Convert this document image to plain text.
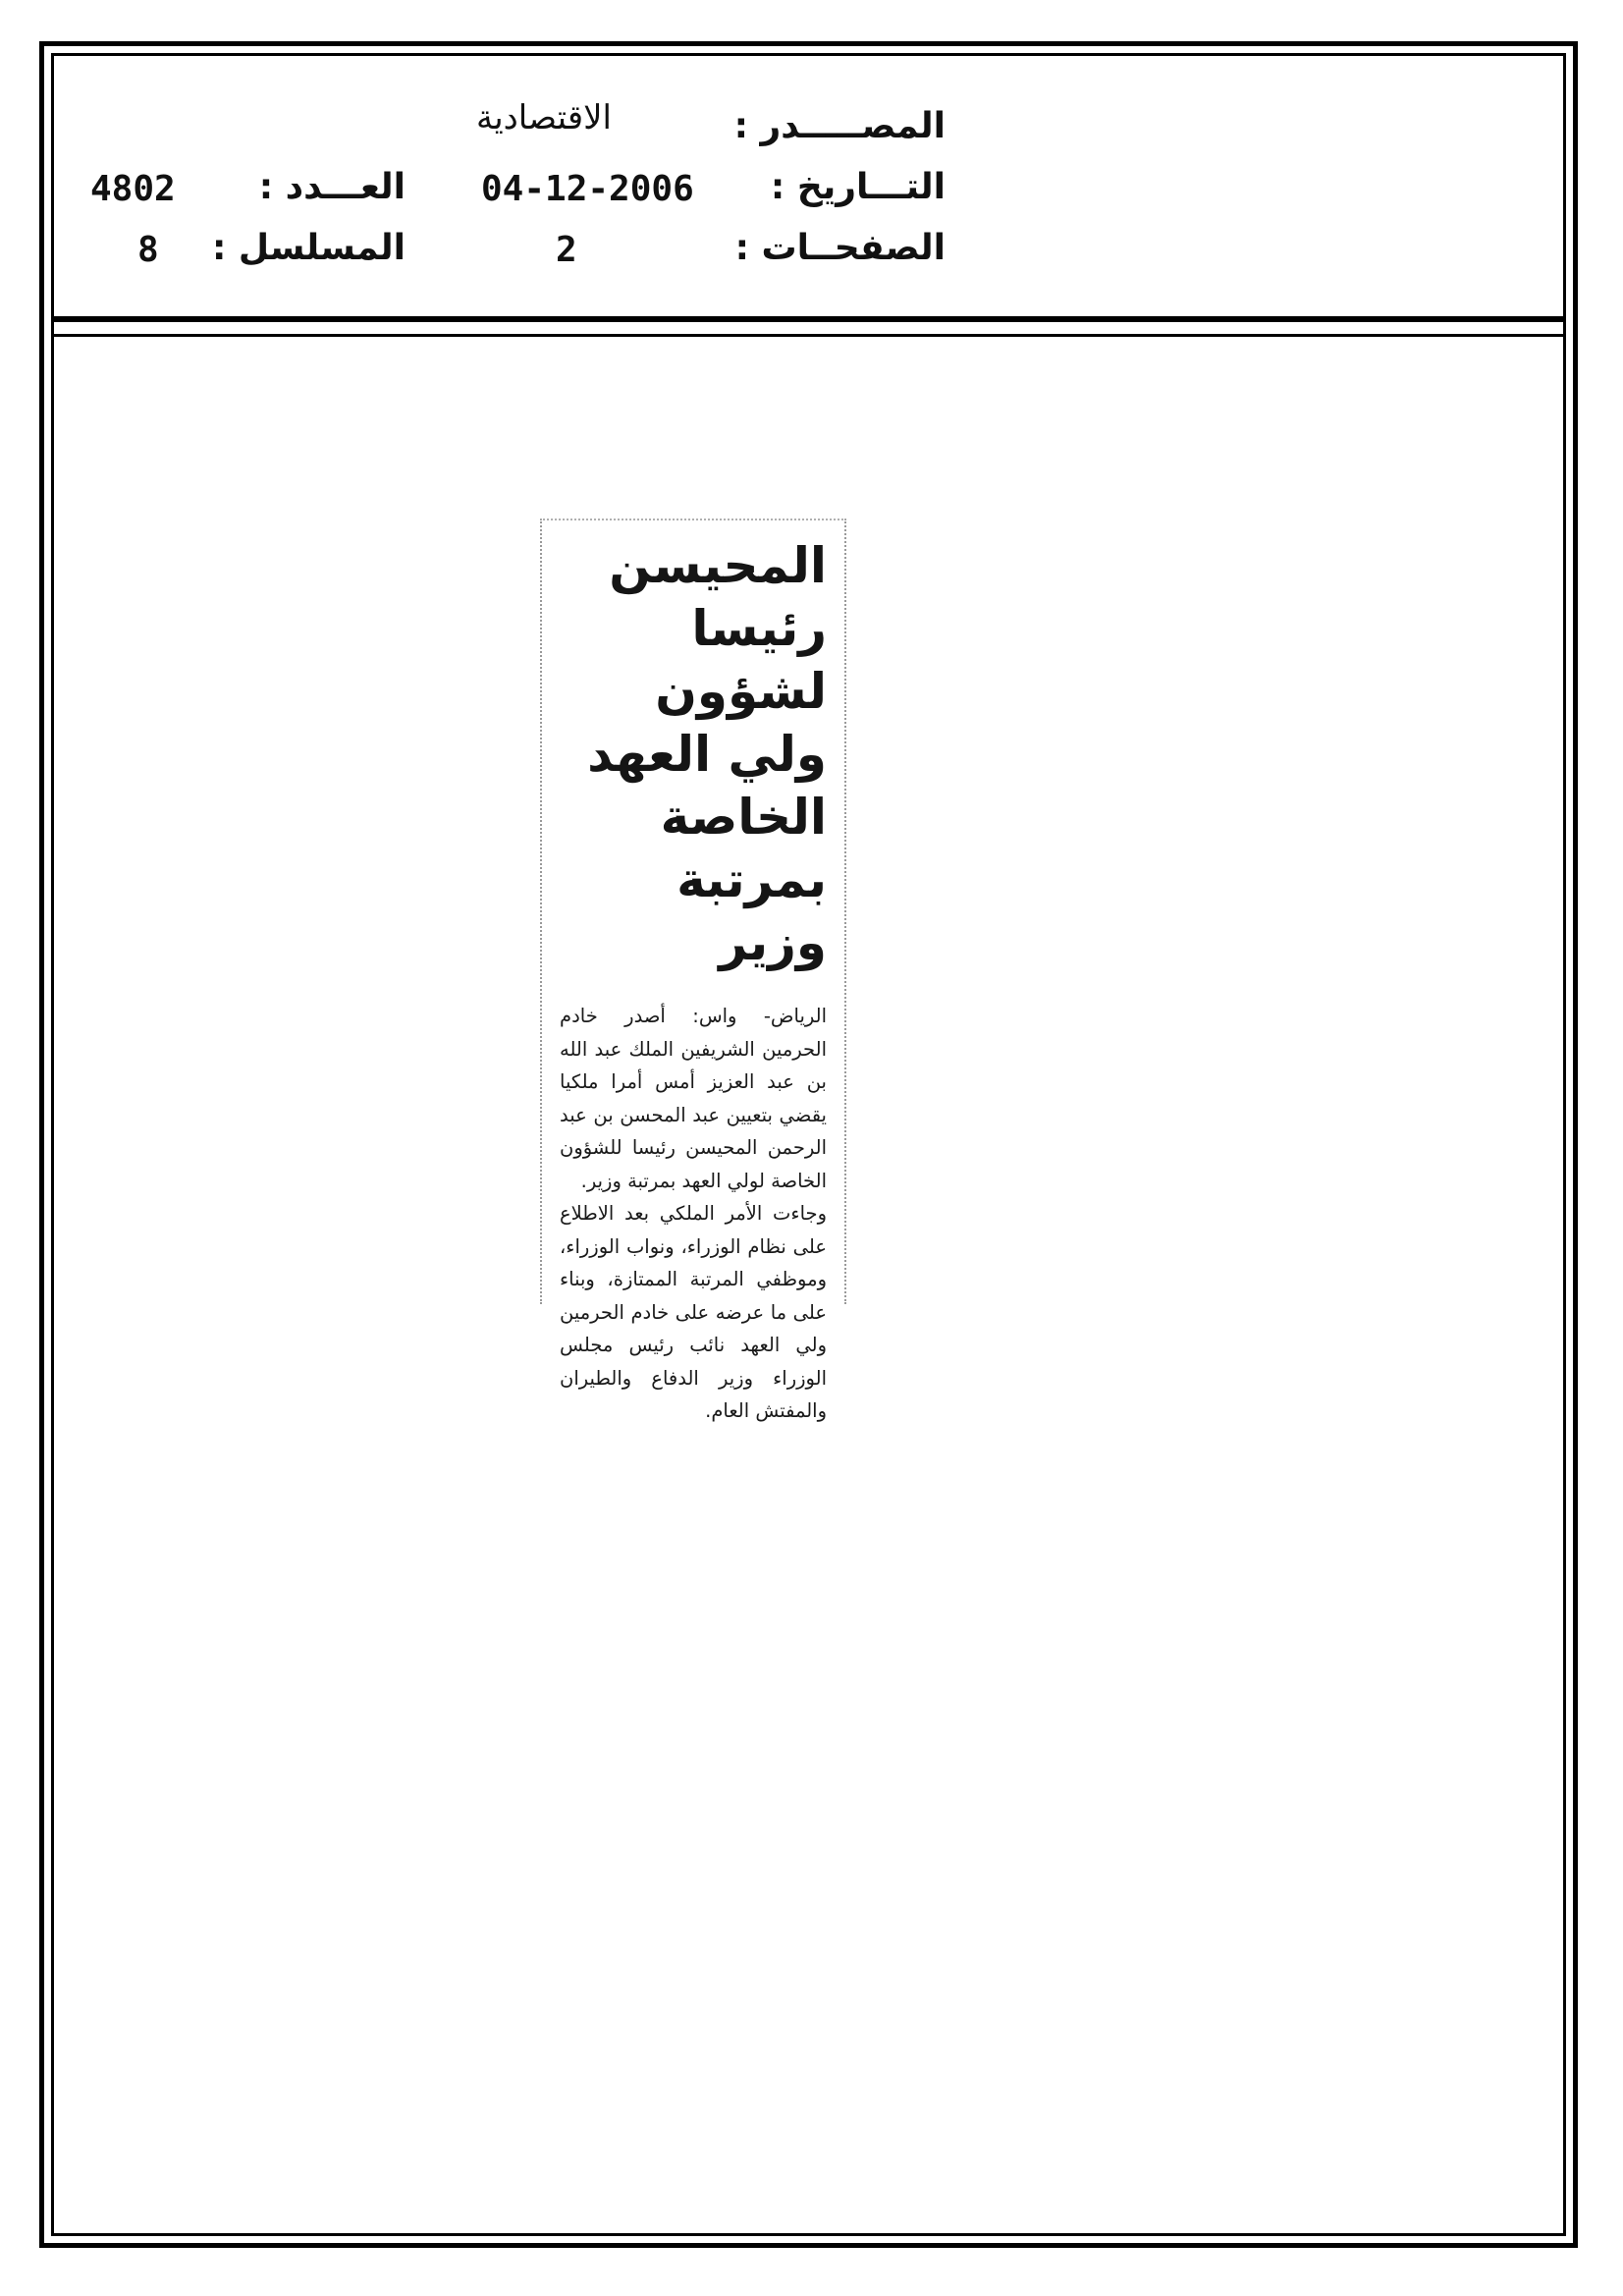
المصـــــدر :
الاقتصادية
التـــاريخ :
04-12-2006
العـــدد :
4802
الصفحــات :
2
المسلسل :
8
المحيسن رئيسا لشؤون ولي العهد الخاصة بمرتبة وزير

الرياض- واس: أصدر خادم الحرمين الشريفين الملك عبد الله بن عبد العزيز أمس أمرا ملكيا يقضي بتعيين عبد المحسن بن عبد الرحمن المحيسن رئيسا للشؤون الخاصة لولي العهد بمرتبة وزير.

وجاءت الأمر الملكي بعد الاطلاع على نظام الوزراء، ونواب الوزراء، وموظفي المرتبة الممتازة، وبناء على ما عرضه على خادم الحرمين ولي العهد نائب رئيس مجلس الوزراء وزير الدفاع والطيران والمفتش العام.
